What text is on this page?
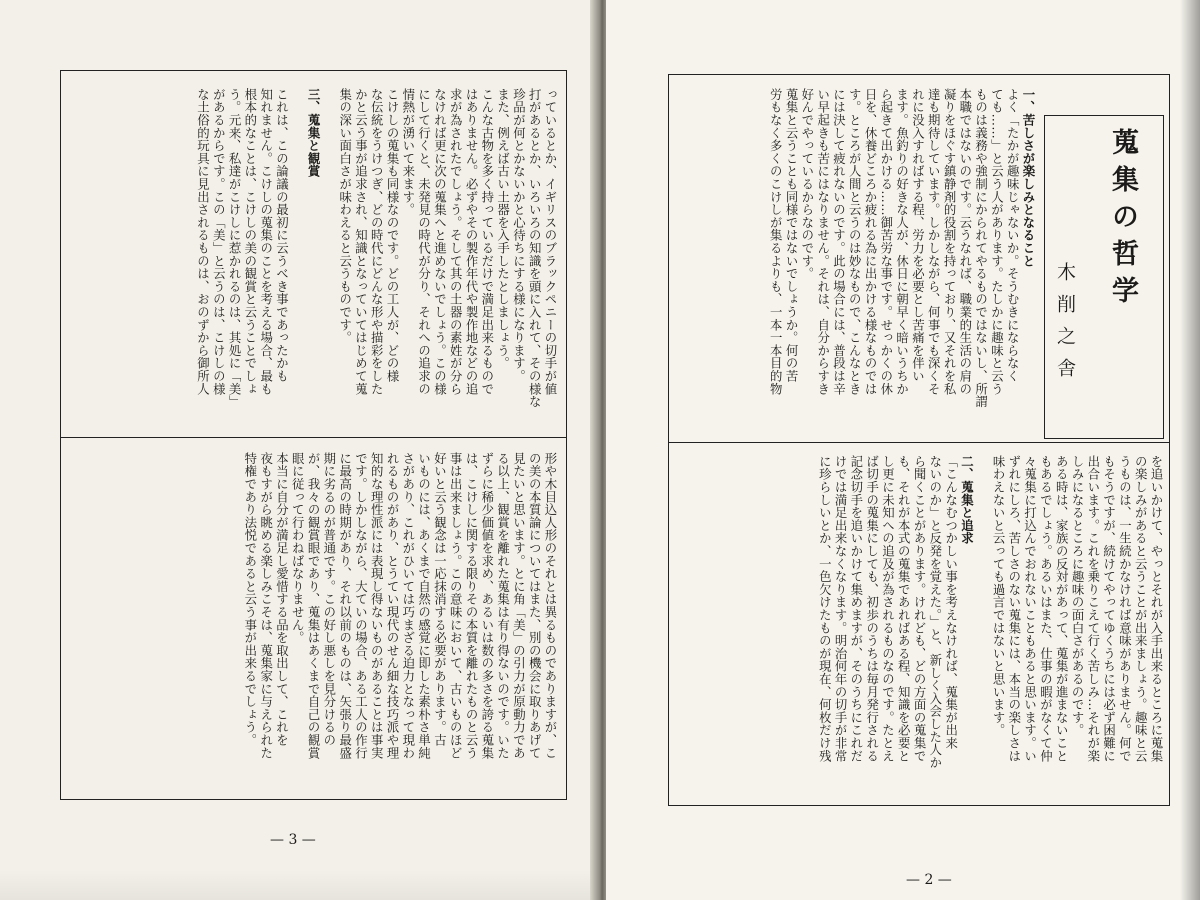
っているとか、イギリスのブラックペニーの切手が値
打があるとか、いろいろの知識を頭に入れて、その様な
珍品が何とかないかと心待ちにする様になります。
また、例えば古い土器を入手したとしましょう。
こんな古物を多く持っているだけで満足出来るもので
はありません。必ずやその製作年代や製作地などの追
求が為されたでしょう。そして其の土器の素姓が分ら
なければ更に次の蒐集へと進めないでしょう。この様
にして行くと、未発見の時代が分り、それへの追求の
情熱が湧いて来ます。
こけしの蒐集も同様なのです。どの工人が、どの様
な伝統をうけつぎ、どの時代にどんな形や描彩をした
かと云う事が追求され、知識となっていてはじめて蒐
集の深い面白さが味わえると云うものです。

三、蒐集と観賞

これは、この論議の最初に云うべき事であったかも
知れません。こけしの蒐集のことを考える場合、最も
根本的なことは、こけしの美の観賞と云うことでしょ
う。元来、私達がこけしに惹かれるのは、其処に「美」
があるからです。この「美」と云うのは、こけしの様
な土俗的玩具に見出されるものは、おのずから御所人

形や木目込人形のそれとは異るものでありますが、こ
の美の本質論についてはまた、別の機会に取りあげて
見たいと思います。とに角「美」の引力が原動力であ
る以上、観賞を離れた蒐集は有り得ないのです。いた
ずらに稀少価値を求め、あるいは数の多さを誇る蒐集
は、こけしに関する限りその本質を離れたものと云う
事は出来ましょう。この意味において、古いものほど
好いと云う観念は一応抹消する必要があります。古
いものには、あくまで自然の感覚に即した素朴さ単純
さがあり、これがひいては巧まざる迫力となって現わ
れるものがあり、とうてい現代のせん細な技巧派や理
知的な理性派には表現し得ないものがあることは事実
です。しかしながら、大ていの場合、ある工人の作行
に最高の時期があり、それ以前のものは、矢張り最盛
期に劣るのが普通です。この好し悪しを見分けるの
が、我々の観賞眼であり、蒐集はあくまで自己の観賞
眼に従って行わねばなりません。
本当に自分が満足し愛惜する品を取出して、これを
夜もすがら眺める楽しみこそは、蒐集家に与えられた
特権であり法悦であると云う事が出来るでしょう。

— 3 —
蒐集の哲学
木削之舎
一、苦しさが楽しみとなること
よく「たかが趣味じゃないか。そうむきにならなく
ても……」と云う人があります。たしかに趣味と云う
ものは義務や強制にかられてやるものではないし、所謂
本職ではないのです。云うなれば、職業的生活の肩の
凝りをほぐす鎮静剤的役割を持っており、又それを私
達も期待しています。しかしながら、何事でも深くそ
れに没入すればする程、労力を必要とし苦痛を伴い
ます。魚釣りの好きな人が、休日に朝早く暗いうちか
ら起きて出かける……御苦労な事です。せっかくの休
日を、休養どころか疲れる為に出かける様なものでは
す。ところが人間と云うのは妙なもので、こんなとき
には決して疲れないのです。此の場合には、普段は辛
い早起きも苦にはなりません。それは、自分からすき
好んでやっているからなのです。
蒐集と云うことも同様ではないでしょうか。何の苦
労もなく多くのこけしが集るよりも、一本一本目的物

を追いかけて、やっとそれが入手出来るところに蒐集
の楽しみがあると云うことが出来ましょう。趣味と云
うものは、一生続かなければ意味がありません。何で
もそうですが、続けてやってゆくうちには必ず困難に
出合います。これを乗りこえて行く苦しみ…それが楽
しみになるところに趣味の面白さがあるのです。
ある時は、家族の反対があって、蒐集が進まないこと
もあるでしょう。あるいはまた、仕事の暇がなくて仲
々蒐集に打込んでおれないこともあると思います。い
ずれにしろ、苦しさのない蒐集には、本当の楽しさは
味わえないと云っても過言ではないと思います。

二、蒐集と追求
「こんなむつかしい事を考えなければ、蒐集が出来
ないのか」と反発を覚えた。」と、新しく入会した人か
ら聞くことがあります。けれども、どの方面の蒐集で
も、それが本式の蒐集であればある程、知識を必要と
し更に未知への追及が為されるものなのです。たとえ
ば切手の蒐集にしても、初歩のうちは毎月発行される
記念切手を追いかけて集めますが、そのうちにこれだ
けでは満足出来なくなります。明治何年の切手が非常
に珍らしいとか、一色欠けたものが現在、何枚だけ残

— 2 —
